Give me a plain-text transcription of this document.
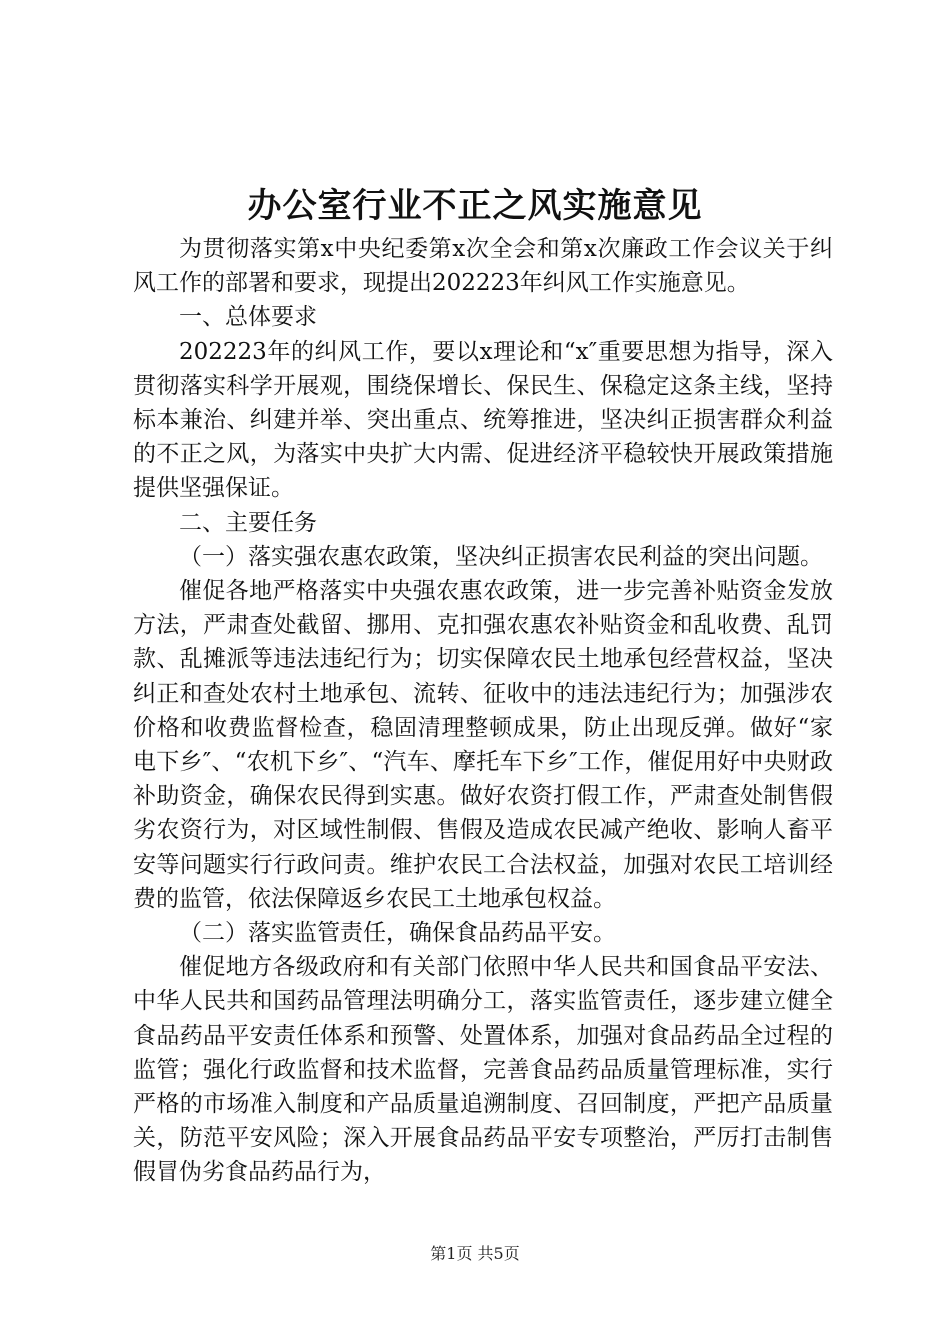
办公室行业不正之风实施意见

为贯彻落实第x中央纪委第x次全会和第x次廉政工作会议关于纠风工作的部署和要求，现提出202223年纠风工作实施意见。

一、总体要求

202223年的纠风工作，要以x理论和“x″重要思想为指导，深入贯彻落实科学开展观，围绕保增长、保民生、保稳定这条主线，坚持标本兼治、纠建并举、突出重点、统筹推进，坚决纠正损害群众利益的不正之风，为落实中央扩大内需、促进经济平稳较快开展政策措施提供坚强保证。

二、主要任务

（一）落实强农惠农政策，坚决纠正损害农民利益的突出问题。

催促各地严格落实中央强农惠农政策，进一步完善补贴资金发放方法，严肃查处截留、挪用、克扣强农惠农补贴资金和乱收费、乱罚款、乱摊派等违法违纪行为；切实保障农民土地承包经营权益，坚决纠正和查处农村土地承包、流转、征收中的违法违纪行为；加强涉农价格和收费监督检查，稳固清理整顿成果，防止出现反弹。做好“家电下乡″、“农机下乡″、“汽车、摩托车下乡″工作，催促用好中央财政补助资金，确保农民得到实惠。做好农资打假工作，严肃查处制售假劣农资行为，对区域性制假、售假及造成农民减产绝收、影响人畜平安等问题实行行政问责。维护农民工合法权益，加强对农民工培训经费的监管，依法保障返乡农民工土地承包权益。

（二）落实监管责任，确保食品药品平安。

催促地方各级政府和有关部门依照中华人民共和国食品平安法、中华人民共和国药品管理法明确分工，落实监管责任，逐步建立健全食品药品平安责任体系和预警、处置体系，加强对食品药品全过程的监管；强化行政监督和技术监督，完善食品药品质量管理标准，实行严格的市场准入制度和产品质量追溯制度、召回制度，严把产品质量关，防范平安风险；深入开展食品药品平安专项整治，严厉打击制售假冒伪劣食品药品行为，

第1页 共5页
